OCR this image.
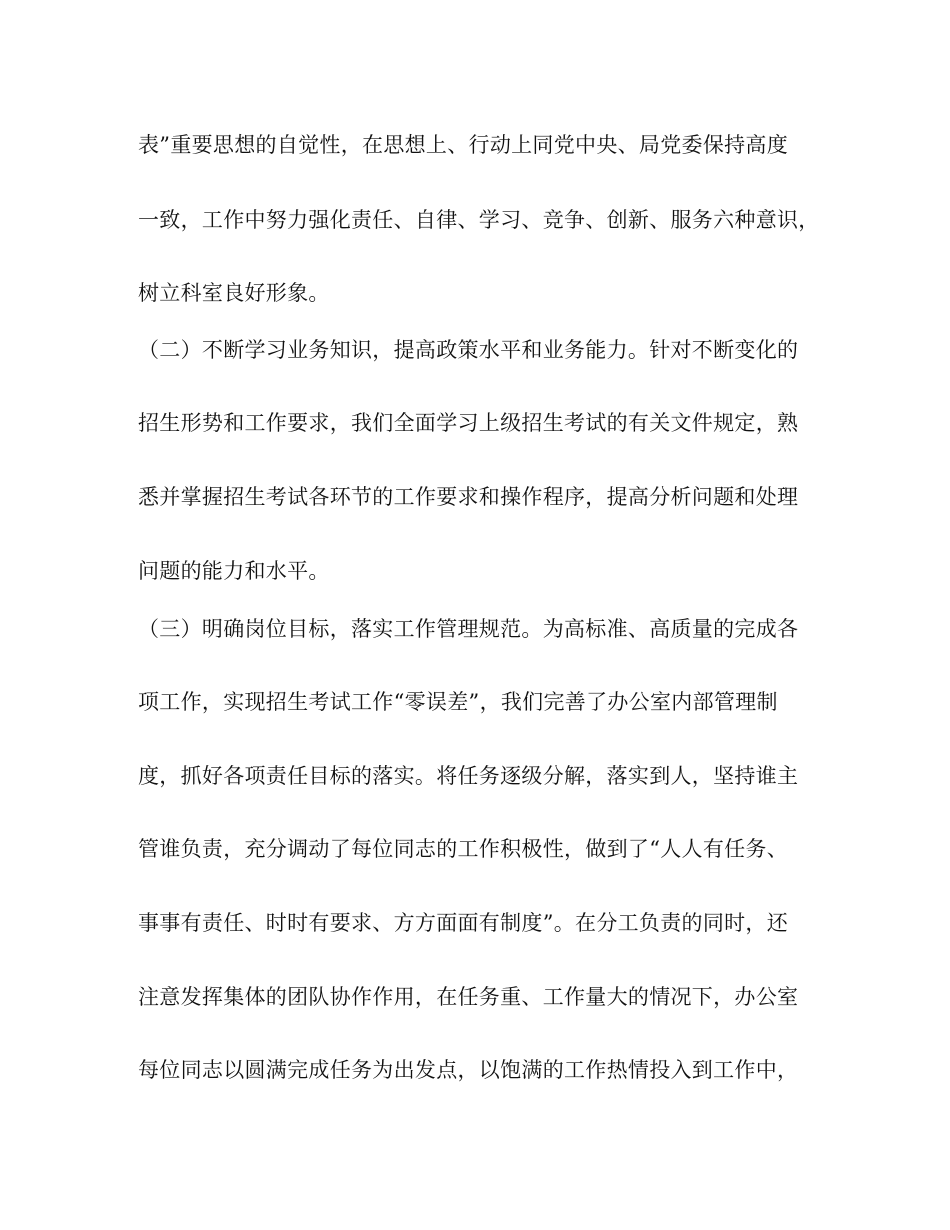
表”重要思想的自觉性，在思想上、行动上同党中央、局党委保持高度
一致，工作中努力强化责任、自律、学习、竞争、创新、服务六种意识，
树立科室良好形象。
（二）不断学习业务知识，提高政策水平和业务能力。针对不断变化的
招生形势和工作要求，我们全面学习上级招生考试的有关文件规定，熟
悉并掌握招生考试各环节的工作要求和操作程序，提高分析问题和处理
问题的能力和水平。
（三）明确岗位目标，落实工作管理规范。为高标准、高质量的完成各
项工作，实现招生考试工作“零误差”，我们完善了办公室内部管理制
度，抓好各项责任目标的落实。将任务逐级分解，落实到人，坚持谁主
管谁负责，充分调动了每位同志的工作积极性，做到了“人人有任务、
事事有责任、时时有要求、方方面面有制度”。在分工负责的同时，还
注意发挥集体的团队协作作用，在任务重、工作量大的情况下，办公室
每位同志以圆满完成任务为出发点，以饱满的工作热情投入到工作中，
